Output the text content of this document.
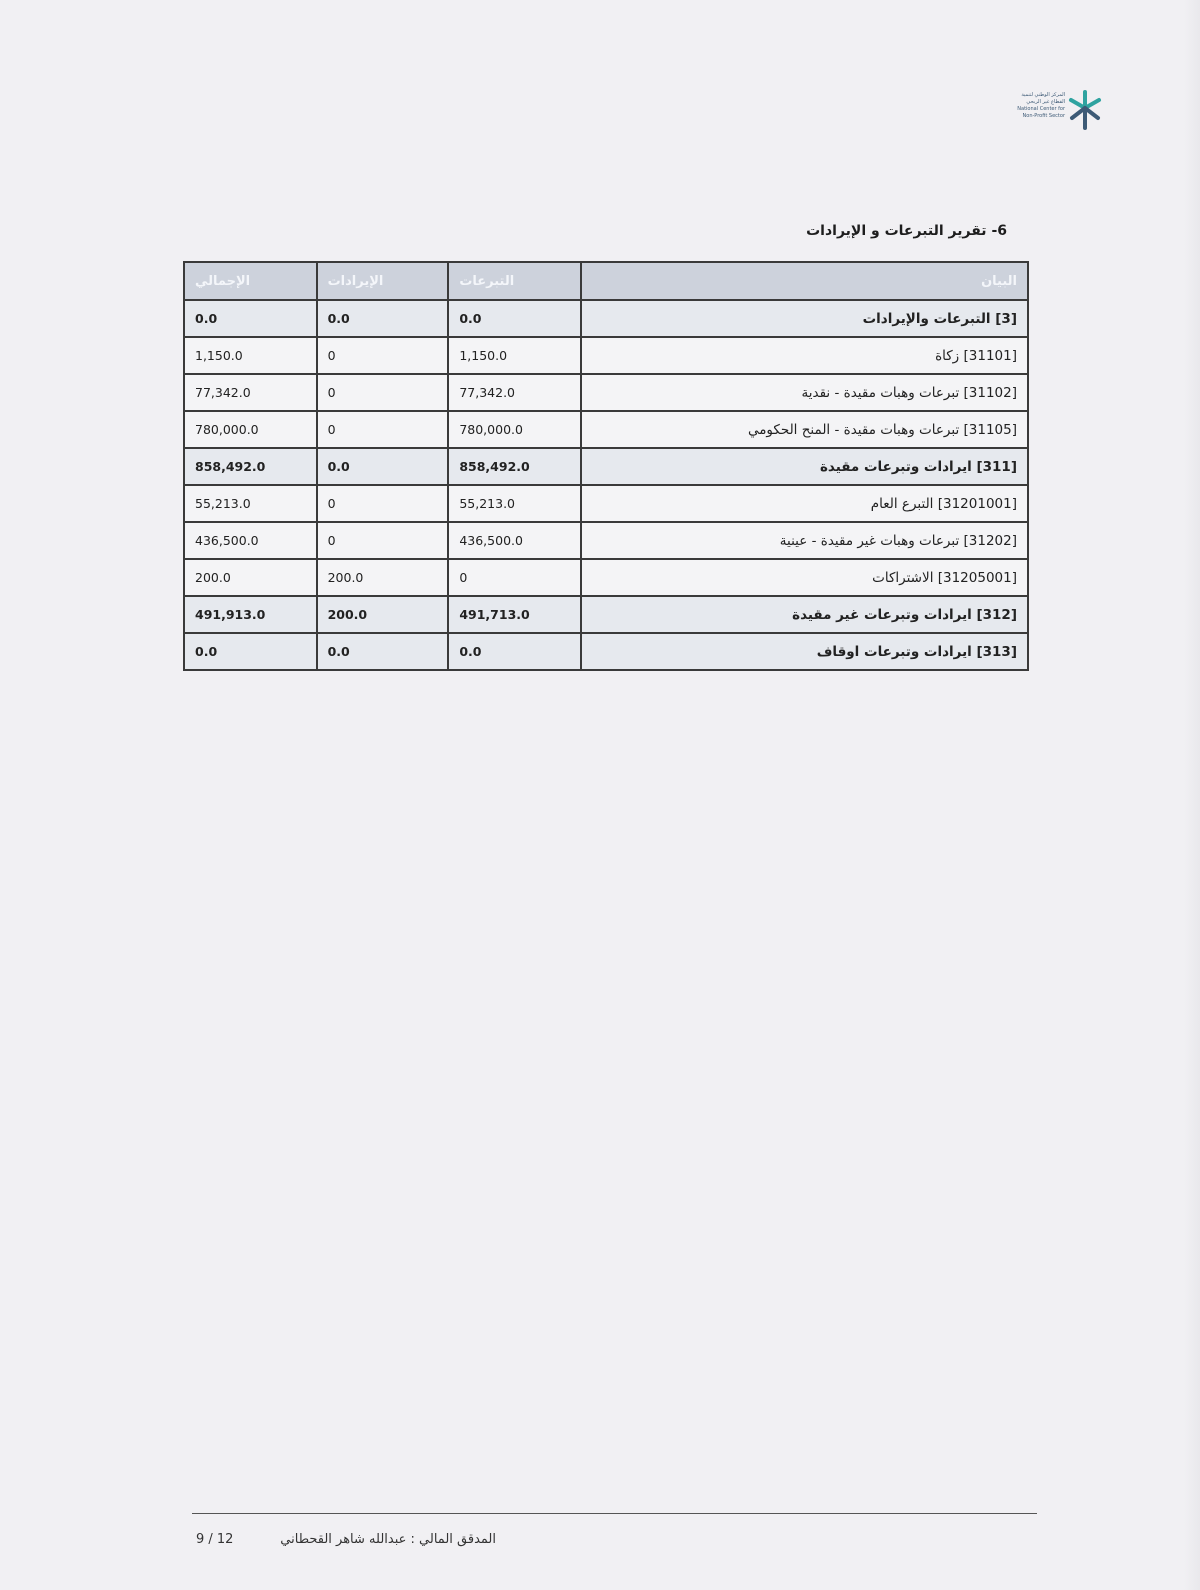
المركز الوطني لتنمية
القطاع غير الربحي
National Center for
Non-Profit Sector
6- تقرير التبرعات و الإيرادات
البيان	التبرعات	الإيرادات	الإجمالي
[3] التبرعات والإيرادات	0.0	0.0	0.0
[31101] زكاة	1,150.0	0	1,150.0
[31102] تبرعات وهبات مقيدة - نقدية	77,342.0	0	77,342.0
[31105] تبرعات وهبات مقيدة - المنح الحكومي	780,000.0	0	780,000.0
[311] ايرادات وتبرعات مقيدة	858,492.0	0.0	858,492.0
[31201001] التبرع العام	55,213.0	0	55,213.0
[31202] تبرعات وهبات غير مقيدة - عينية	436,500.0	0	436,500.0
[31205001] الاشتراكات	0	200.0	200.0
[312] ايرادات وتبرعات غير مقيدة	491,713.0	200.0	491,913.0
[313] ايرادات وتبرعات اوقاف	0.0	0.0	0.0
9 / 12	المدقق المالي : عبدالله شاهر القحطاني
